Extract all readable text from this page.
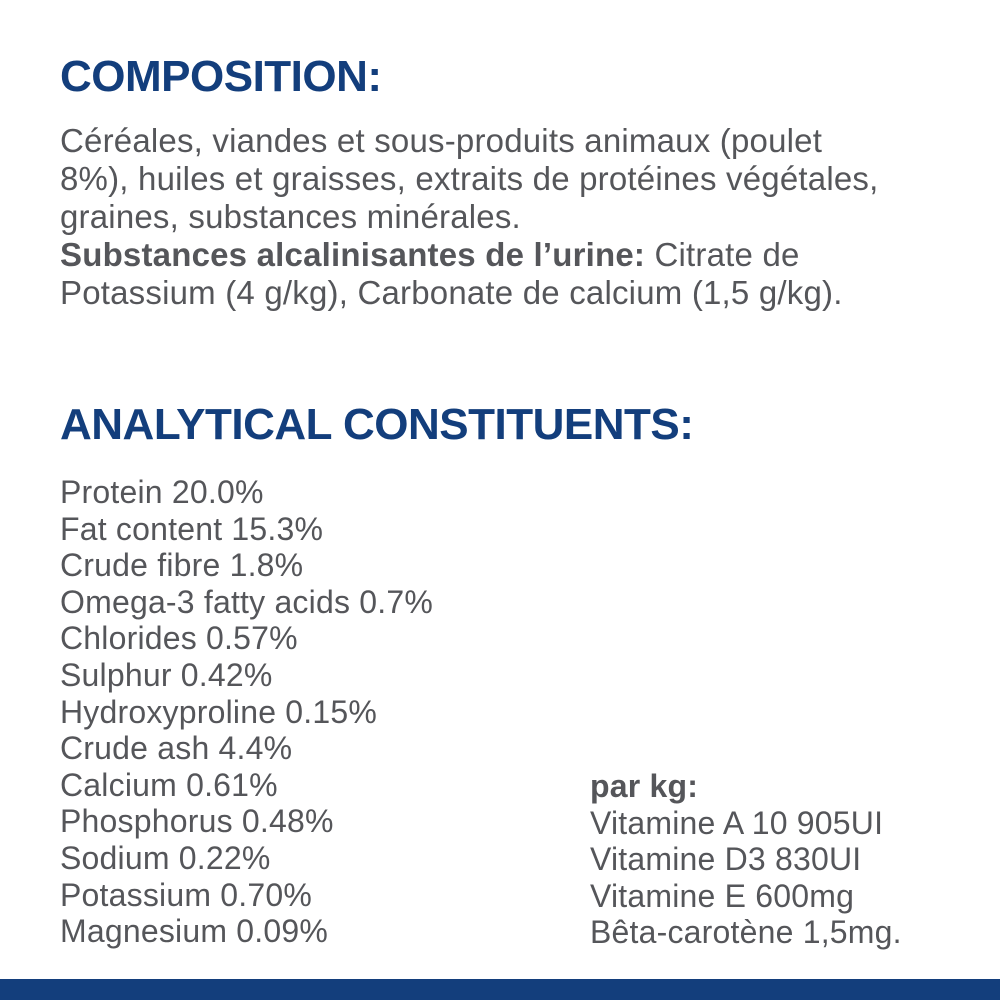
COMPOSITION:
Céréales, viandes et sous-produits animaux (poulet
8%), huiles et graisses, extraits de protéines végétales,
graines, substances minérales.
Substances alcalinisantes de l’urine: Citrate de
Potassium (4 g/kg), Carbonate de calcium (1,5 g/kg).
ANALYTICAL CONSTITUENTS:
Protein 20.0%
Fat content 15.3%
Crude fibre 1.8%
Omega-3 fatty acids 0.7%
Chlorides 0.57%
Sulphur 0.42%
Hydroxyproline 0.15%
Crude ash 4.4%
Calcium 0.61%
Phosphorus 0.48%
Sodium 0.22%
Potassium 0.70%
Magnesium 0.09%
par kg:
Vitamine A 10 905UI
Vitamine D3 830UI
Vitamine E 600mg
Bêta-carotène 1,5mg.
